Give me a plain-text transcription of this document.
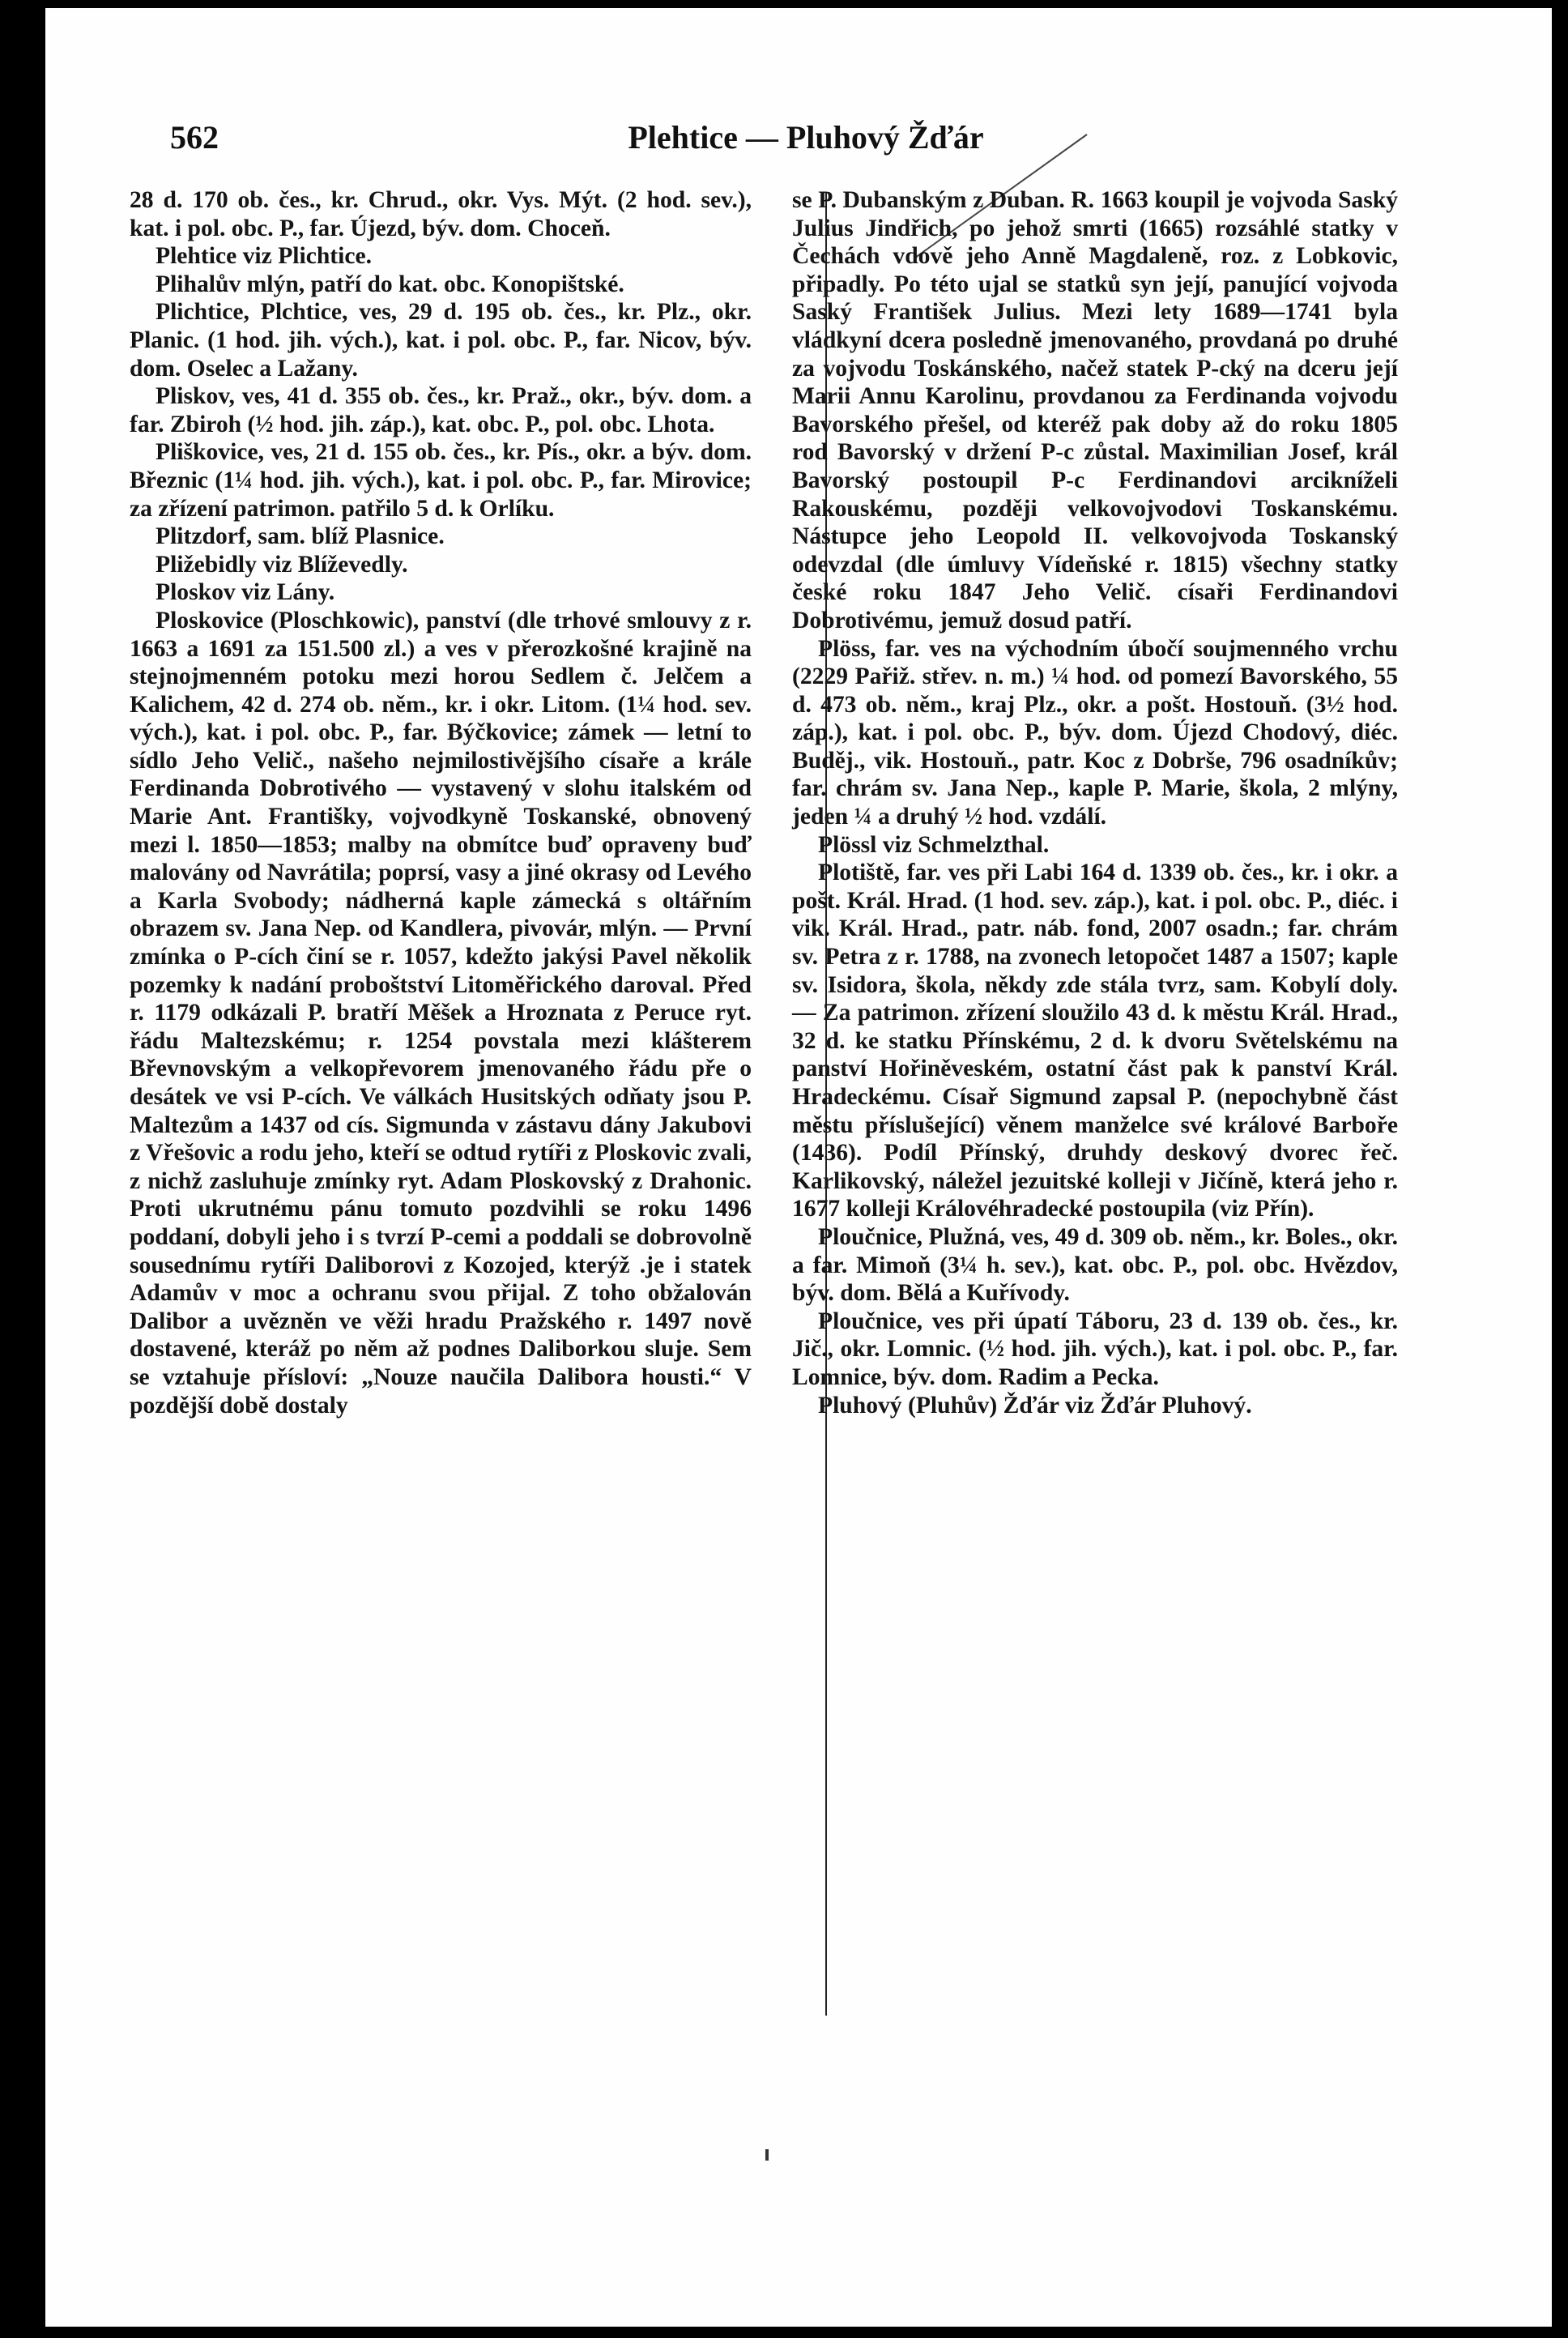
562	Plehtice — Pluhový Žďár

28 d. 170 ob. čes., kr. Chrud., okr. Vys. Mýt. (2 hod. sev.), kat. i pol. obc. P., far. Újezd, býv. dom. Choceň.

Plehtice viz Plichtice.

Plihalův mlýn, patří do kat. obc. Konopištské.

Plichtice, Plchtice, ves, 29 d. 195 ob. čes., kr. Plz., okr. Planic. (1 hod. jih. vých.), kat. i pol. obc. P., far. Nicov, býv. dom. Oselec a Lažany.

Pliskov, ves, 41 d. 355 ob. čes., kr. Praž., okr., býv. dom. a far. Zbiroh (½ hod. jih. záp.), kat. obc. P., pol. obc. Lhota.

Pliškovice, ves, 21 d. 155 ob. čes., kr. Pís., okr. a býv. dom. Březnic (1¼ hod. jih. vých.), kat. i pol. obc. P., far. Mirovice; za zřízení patrimon. patřilo 5 d. k Orlíku.

Plitzdorf, sam. blíž Plasnice.

Pližebidly viz Blíževedly.

Ploskov viz Lány.

Ploskovice (Ploschkowic), panství (dle trhové smlouvy z r. 1663 a 1691 za 151.500 zl.) a ves v přerozkošné krajině na stejnojmenném potoku mezi horou Sedlem č. Jelčem a Kalichem, 42 d. 274 ob. něm., kr. i okr. Litom. (1¼ hod. sev. vých.), kat. i pol. obc. P., far. Býčkovice; zámek — letní to sídlo Jeho Velič., našeho nejmilostivějšího císaře a krále Ferdinanda Dobrotivého — vystavený v slohu italském od Marie Ant. Františky, vojvodkyně Toskanské, obnovený mezi l. 1850—1853; malby na obmítce buď opraveny buď malovány od Navrátila; poprsí, vasy a jiné okrasy od Levého a Karla Svobody; nádherná kaple zámecká s oltářním obrazem sv. Jana Nep. od Kandlera, pivovár, mlýn. — První zmínka o P-cích činí se r. 1057, kdežto jakýsi Pavel několik pozemky k nadání proboštství Litoměřického daroval. Před r. 1179 odkázali P. bratří Měšek a Hroznata z Peruce ryt. řádu Maltezskému; r. 1254 povstala mezi klášterem Břevnovským a velkopřevorem jmenovaného řádu pře o desátek ve vsi P-cích. Ve válkách Husitských odňaty jsou P. Maltezům a 1437 od cís. Sigmunda v zástavu dány Jakubovi z Vřešovic a rodu jeho, kteří se odtud rytíři z Ploskovic zvali, z nichž zasluhuje zmínky ryt. Adam Ploskovský z Drahonic. Proti ukrutnému pánu tomuto pozdvihli se roku 1496 poddaní, dobyli jeho i s tvrzí P-cemi a poddali se dobrovolně sousednímu rytíři Daliborovi z Kozojed, kterýž .je i statek Adamův v moc a ochranu svou přijal. Z toho obžalován Dalibor a uvězněn ve věži hradu Pražského r. 1497 nově dostavené, kteráž po něm až podnes Daliborkou sluje. Sem se vztahuje přísloví: „Nouze naučila Dalibora housti.“ V pozdější době dostaly

se P. Dubanským z Duban. R. 1663 koupil je vojvoda Saský Julius Jindřich, po jehož smrti (1665) rozsáhlé statky v Čechách vdově jeho Anně Magdaleně, roz. z Lobkovic, připadly. Po této ujal se statků syn její, panující vojvoda Saský František Julius. Mezi lety 1689—1741 byla vládkyní dcera posledně jmenovaného, provdaná po druhé za vojvodu Toskánského, načež statek P-cký na dceru její Marii Annu Karolinu, provdanou za Ferdinanda vojvodu Bavorského přešel, od kteréž pak doby až do roku 1805 rod Bavorský v držení P-c zůstal. Maximilian Josef, král Bavorský postoupil P-c Ferdinandovi arcikníželi Rakouskému, později velkovojvodovi Toskanskému. Nástupce jeho Leopold II. velkovojvoda Toskanský odevzdal (dle úmluvy Vídeňské r. 1815) všechny statky české roku 1847 Jeho Velič. císaři Ferdinandovi Dobrotivému, jemuž dosud patří.

Plöss, far. ves na východním úbočí soujmenného vrchu (2229 Pařiž. střev. n. m.) ¼ hod. od pomezí Bavorského, 55 d. 473 ob. něm., kraj Plz., okr. a pošt. Hostouň. (3½ hod. záp.), kat. i pol. obc. P., býv. dom. Újezd Chodový, diéc. Buděj., vik. Hostouň., patr. Koc z Dobrše, 796 osadníkův; far. chrám sv. Jana Nep., kaple P. Marie, škola, 2 mlýny, jeden ¼ a druhý ½ hod. vzdálí.

Plössl viz Schmelzthal.

Plotiště, far. ves při Labi 164 d. 1339 ob. čes., kr. i okr. a pošt. Král. Hrad. (1 hod. sev. záp.), kat. i pol. obc. P., diéc. i vik. Král. Hrad., patr. náb. fond, 2007 osadn.; far. chrám sv. Petra z r. 1788, na zvonech letopočet 1487 a 1507; kaple sv. Isidora, škola, někdy zde stála tvrz, sam. Kobylí doly. — Za patrimon. zřízení sloužilo 43 d. k městu Král. Hrad., 32 d. ke statku Přínskému, 2 d. k dvoru Světelskému na panství Hořiněveském, ostatní část pak k panství Král. Hradeckému. Císař Sigmund zapsal P. (nepochybně část městu příslušející) věnem manželce své králové Barboře (1436). Podíl Přínský, druhdy deskový dvorec řeč. Karlikovský, náležel jezuitské kolleji v Jičíně, která jeho r. 1677 kolleji Královéhradecké postoupila (viz Přín).

Ploučnice, Plužná, ves, 49 d. 309 ob. něm., kr. Boles., okr. a far. Mimoň (3¼ h. sev.), kat. obc. P., pol. obc. Hvězdov, býv. dom. Bělá a Kuřívody.

Ploučnice, ves při úpatí Táboru, 23 d. 139 ob. čes., kr. Jič., okr. Lomnic. (½ hod. jih. vých.), kat. i pol. obc. P., far. Lomnice, býv. dom. Radim a Pecka.

Pluhový (Pluhův) Žďár viz Žďár Pluhový.
